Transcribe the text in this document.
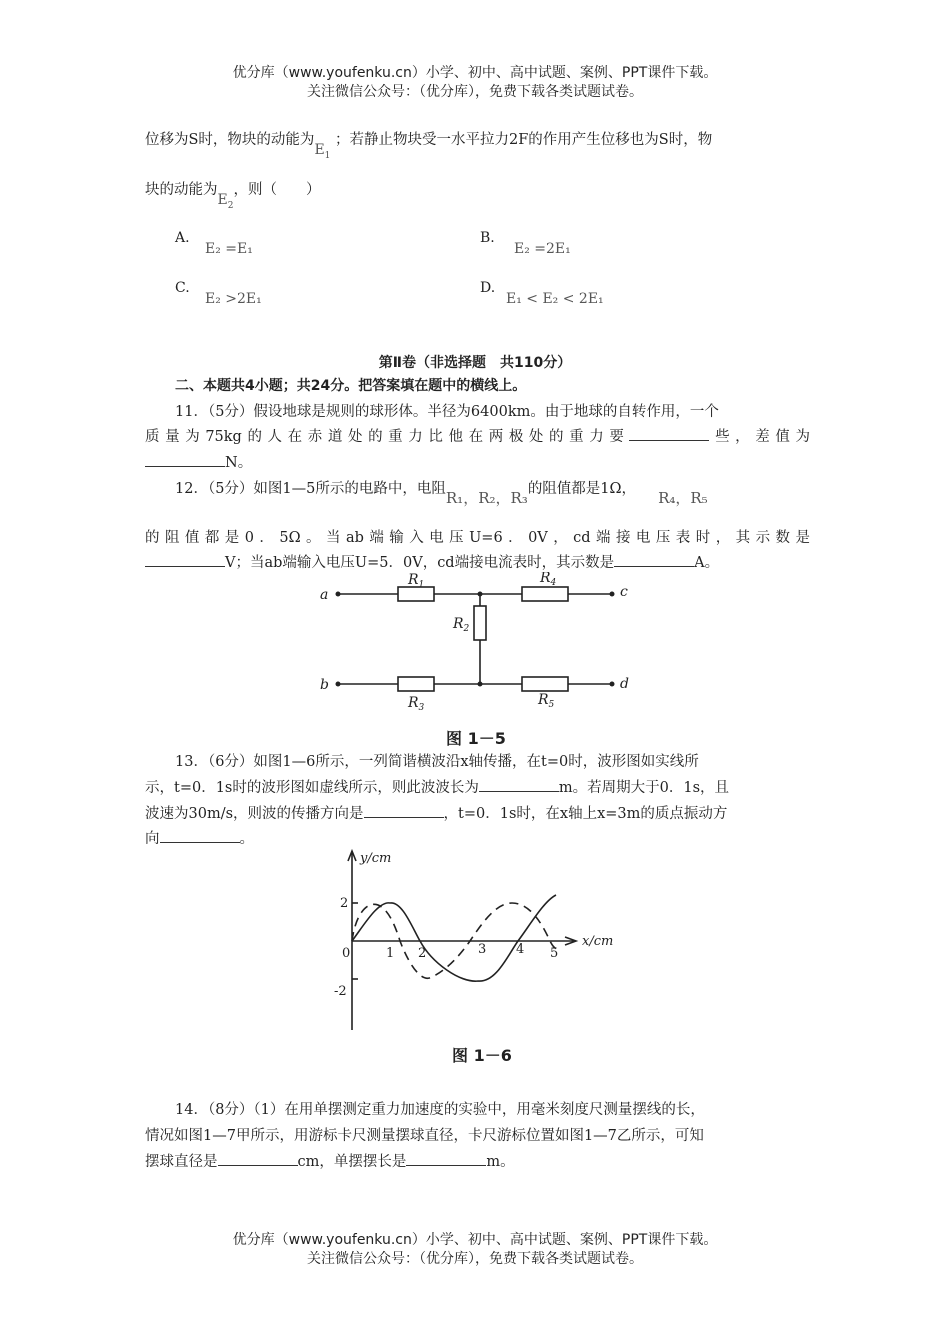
优分库（www.youfenku.cn）小学、初中、高中试题、案例、PPT课件下载。
关注微信公众号：（优分库），免费下载各类试题试卷。
位移为S时，物块的动能为$E_1$ ；若静止物块受一水平拉力2F的作用产生位移也为S时，物
块的动能为$E_2$，则（　　）
A.
E₂ =E₁
B.
E₂ =2E₁
C.
E₂ >2E₁
D.
E₁ < E₂ < 2E₁
第Ⅱ卷（非选择题　共110分）
二、本题共4小题；共24分。把答案填在题中的横线上。
11．（5分）假设地球是规则的球形体。半径为6400km。由于地球的自转作用，一个
质量为75kg的人在赤道处的重力比他在两极处的重力要	些，差值为
N。
12．（5分）如图1—5所示的电路中，电阻R₁，R₂，R₃的阻值都是1Ω， R₄，R₅
的阻值都是0．5Ω。当ab端输入电压U=6．0V，cd端接电压表时，其示数是
V；当ab端输入电压U=5．0V，cd端接电流表时，其示数是	A。
a	c
b	d
$R_1$	$R_4$
$R_2$
$R_3$	$R_5$
图 1－5
13．（6分）如图1—6所示，一列简谐横波沿x轴传播，在t=0时，波形图如实线所
示，t=0．1s时的波形图如虚线所示，则此波波长为	m。若周期大于0．1s，且
波速为30m/s，则波的传播方向是	，t=0．1s时，在x轴上x=3m的质点振动方
向	。
y/cm
x/cm
2
-2
0	1 2	3 4 5
图 1－6
14．（8分）（1）在用单摆测定重力加速度的实验中，用毫米刻度尺测量摆线的长，
情况如图1—7甲所示，用游标卡尺测量摆球直径，卡尺游标位置如图1—7乙所示，可知
摆球直径是	cm，单摆摆长是	m。
优分库（www.youfenku.cn）小学、初中、高中试题、案例、PPT课件下载。
关注微信公众号：（优分库），免费下载各类试题试卷。
